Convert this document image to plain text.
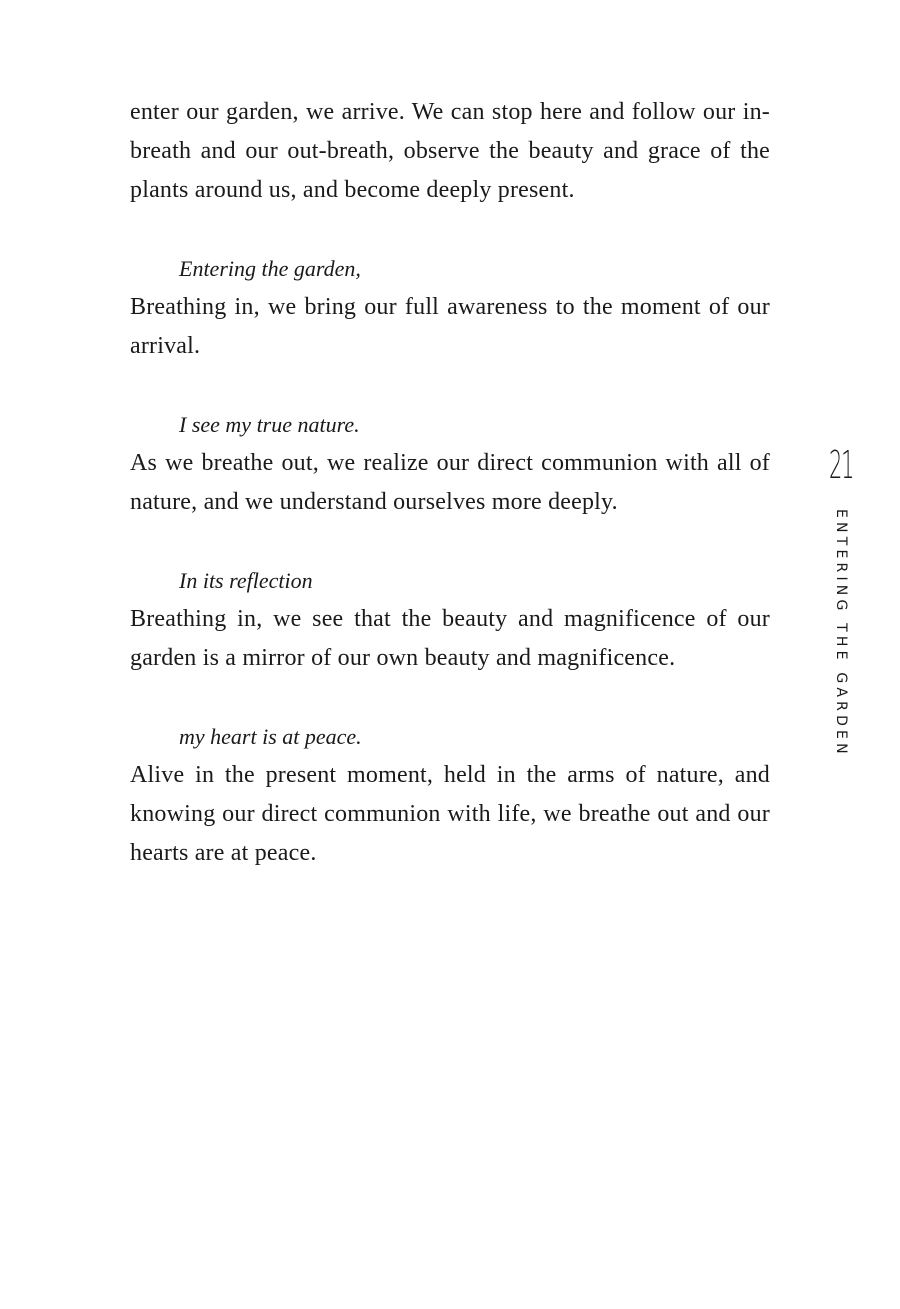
enter our garden, we arrive. We can stop here and follow our in-breath and our out-breath, observe the beauty and grace of the plants around us, and become deeply present.

Entering the garden,

Breathing in, we bring our full awareness to the moment of our arrival.

I see my true nature.

As we breathe out, we realize our direct communion with all of nature, and we understand ourselves more deeply.

In its reflection

Breathing in, we see that the beauty and magnificence of our garden is a mirror of our own beauty and magnificence.

my heart is at peace.

Alive in the present moment, held in the arms of nature, and knowing our direct communion with life, we breathe out and our hearts are at peace.

21
ENTERING THE GARDEN
